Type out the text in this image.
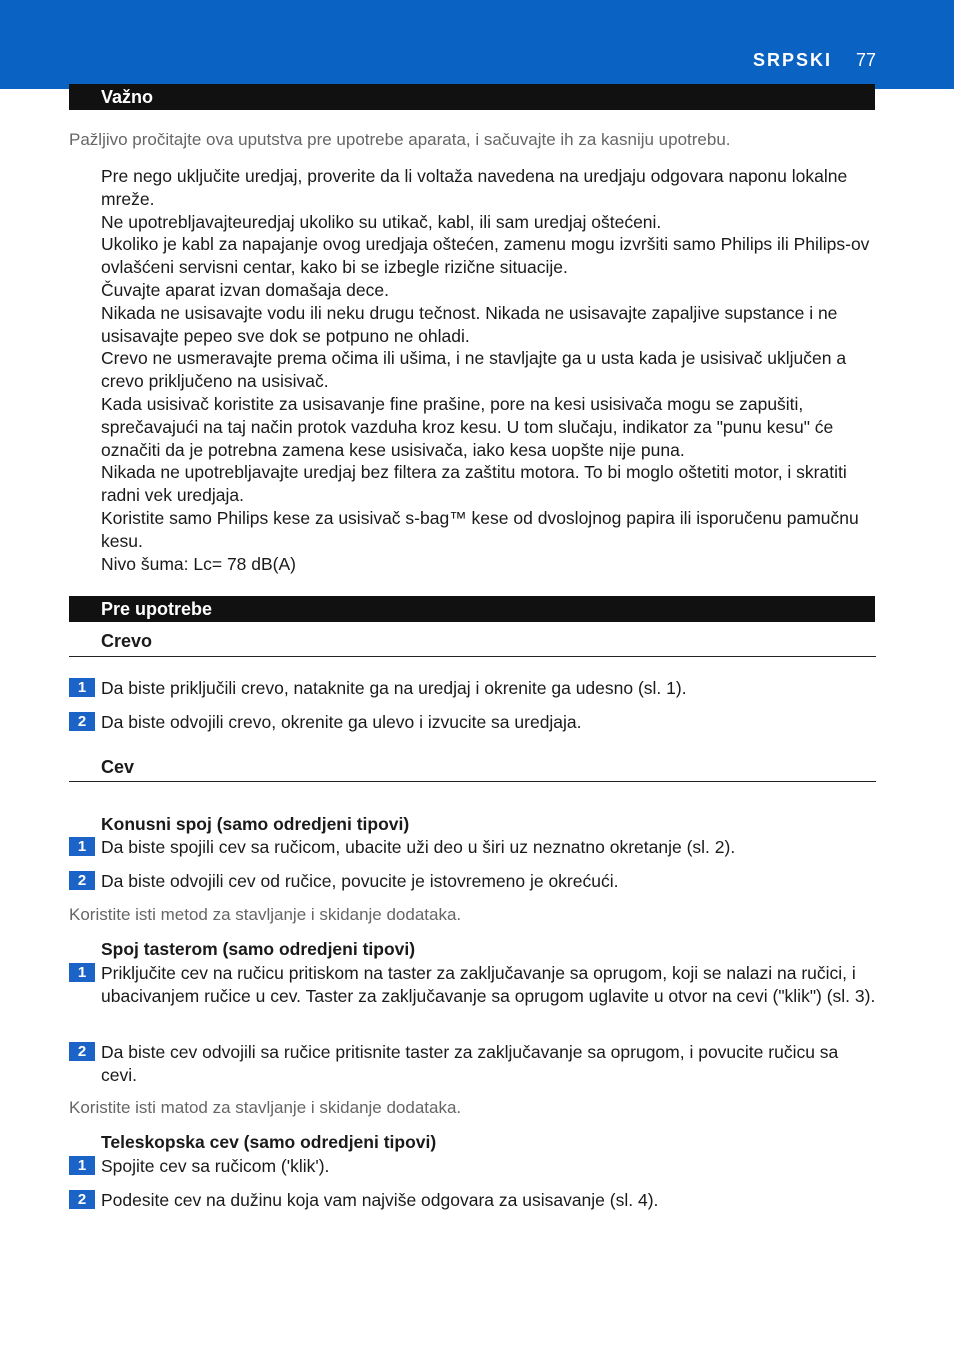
SRPSKI 77
Važno
Pažljivo pročitajte ova uputstva pre upotrebe aparata, i sačuvajte ih za kasniju upotrebu.

Pre nego uključite uredjaj, proverite da li voltaža navedena na uredjaju odgovara naponu lokalne mreže.

Ne upotrebljavajteuredjaj ukoliko su utikač, kabl, ili sam uredjaj oštećeni.

Ukoliko je kabl za napajanje ovog uredjaja oštećen, zamenu mogu izvršiti samo Philips ili Philips-ov ovlašćeni servisni centar, kako bi se izbegle rizične situacije.

Čuvajte aparat izvan domašaja dece.

Nikada ne usisavajte vodu ili neku drugu tečnost. Nikada ne usisavajte zapaljive supstance i ne usisavajte pepeo sve dok se potpuno ne ohladi.

Crevo ne usmeravajte prema očima ili ušima, i ne stavljajte ga u usta kada je usisivač uključen a crevo priključeno na usisivač.

Kada usisivač koristite za usisavanje fine prašine, pore na kesi usisivača mogu se zapušiti, sprečavajući na taj način protok vazduha kroz kesu. U tom slučaju, indikator za "punu kesu" će označiti da je potrebna zamena kese usisivača, iako kesa uopšte nije puna.

Nikada ne upotrebljavajte uredjaj bez filtera za zaštitu motora. To bi moglo oštetiti motor, i skratiti radni vek uredjaja.

Koristite samo Philips kese za usisivač s-bag™ kese od dvoslojnog papira ili isporučenu pamučnu kesu.

Nivo šuma: Lc= 78 dB(A)

Pre upotrebe
Crevo
1 Da biste priključili crevo, nataknite ga na uredjaj i okrenite ga udesno (sl. 1).
2 Da biste odvojili crevo, okrenite ga ulevo i izvucite sa uredjaja.
Cev
Konusni spoj (samo odredjeni tipovi)
1 Da biste spojili cev sa ručicom, ubacite uži deo u širi uz neznatno okretanje (sl. 2).
2 Da biste odvojili cev od ručice, povucite je istovremeno je okrećući.
Koristite isti metod za stavljanje i skidanje dodataka.
Spoj tasterom (samo odredjeni tipovi)
1 Priključite cev na ručicu pritiskom na taster za zaključavanje sa oprugom, koji se nalazi na ručici, i ubacivanjem ručice u cev. Taster za zaključavanje sa oprugom uglavite u otvor na cevi ("klik") (sl. 3).
2 Da biste cev odvojili sa ručice pritisnite taster za zaključavanje sa oprugom, i povucite ručicu sa cevi.
Koristite isti matod za stavljanje i skidanje dodataka.
Teleskopska cev (samo odredjeni tipovi)
1 Spojite cev sa ručicom ('klik').
2 Podesite cev na dužinu koja vam najviše odgovara za usisavanje (sl. 4).
